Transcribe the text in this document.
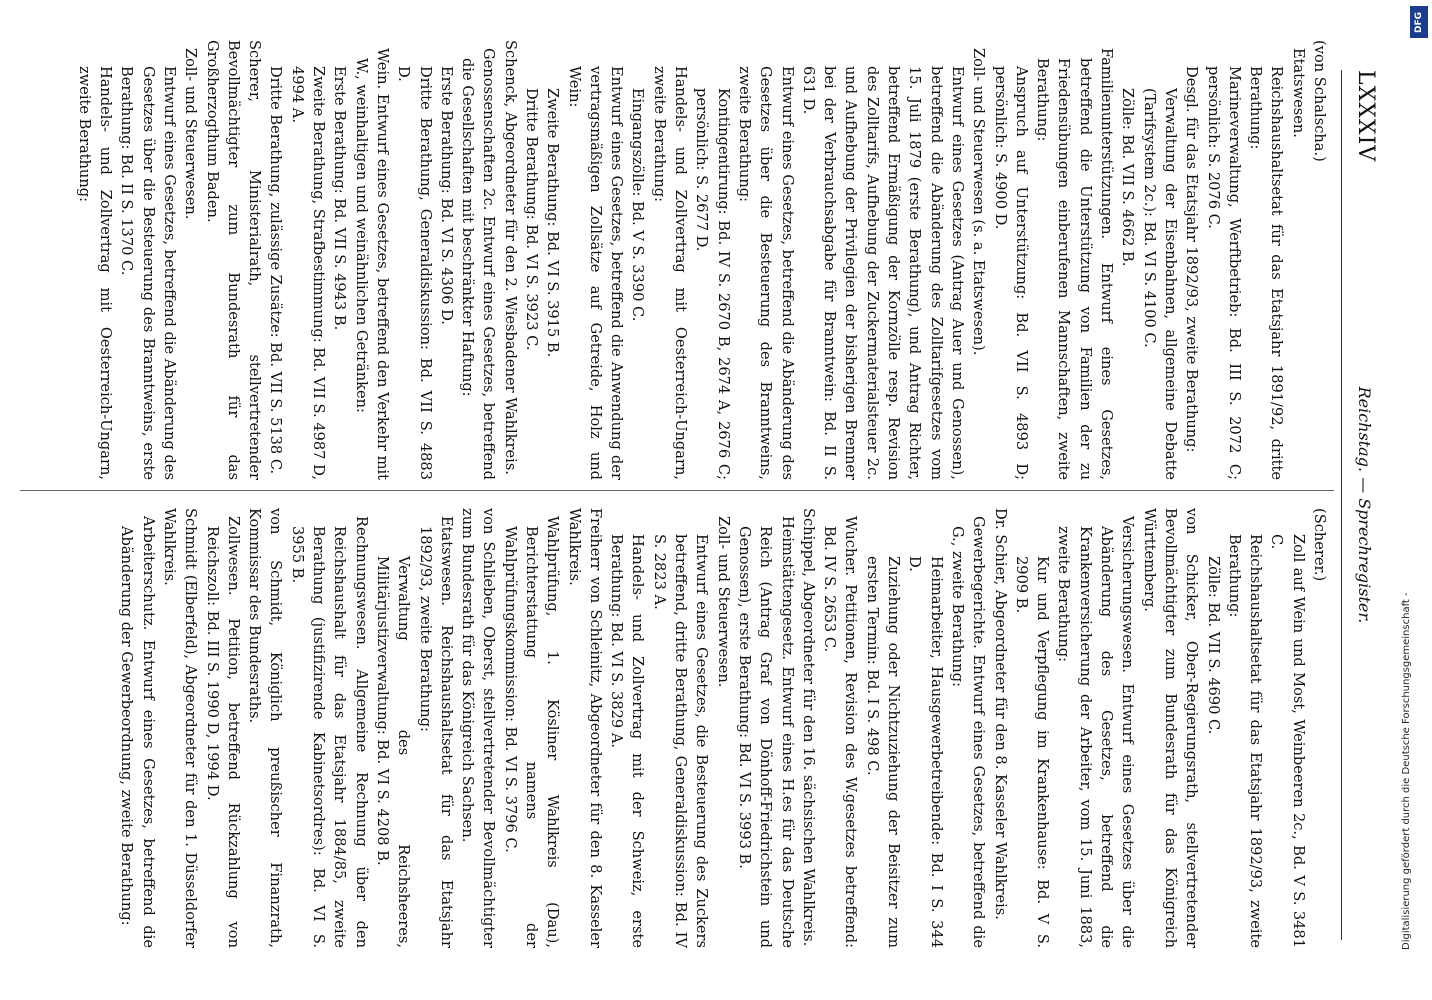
LXXXIV
Reichstag. — Sprechregister.

(von Schalscha.)

Etatswesen.

Reichshaushaltsetat für das Etatsjahr 1891/92, dritte Berathung:

Marineverwaltung, Werftbetrieb: Bd. III S. 2072 C; persönlich: S. 2076 C.

Desgl. für das Etatsjahr 1892/93, zweite Berathung:

Verwaltung der Eisenbahnen, allgemeine Debatte (Tarifsystem 2c.): Bd. VI S. 4100 C.

Zölle: Bd. VII S. 4662 B.

Familienunterstützungen. Entwurf eines Gesetzes, betreffend die Unterstützung von Familien der zu Friedensübungen einberufenen Mannschaften, zweite Berathung:

Anspruch auf Unterstützung: Bd. VII S. 4893 D; persönlich: S. 4900 D.

Zoll- und Steuerwesen (s. a. Etatswesen).

Entwurf eines Gesetzes (Antrag Auer und Genossen), betreffend die Abänderung des Zolltarifgesetzes vom 15. Juli 1879 (erste Berathung), und Antrag Richter, betreffend Ermäßigung der Kornzölle resp. Revision des Zolltarifs, Aufhebung der Zuckermaterialsteuer 2c. und Aufhebung der Privilegien der bisherigen Brenner bei der Verbrauchsabgabe für Branntwein: Bd. II S. 631 D.

Entwurf eines Gesetzes, betreffend die Abänderung des Gesetzes über die Besteuerung des Branntweins, zweite Berathung:

Kontingentirung: Bd. IV S. 2670 B, 2674 A, 2676 C; persönlich: S. 2677 D.

Handels- und Zollvertrag mit Oesterreich-Ungarn, zweite Berathung:

Eingangszölle: Bd. V S. 3390 C.

Entwurf eines Gesetzes, betreffend die Anwendung der vertragsmäßigen Zollsätze auf Getreide, Holz und Wein:

Zweite Berathung: Bd. VI S. 3915 B.

Dritte Berathung: Bd. VI S. 3923 C.

Schenck, Abgeordneter für den 2. Wiesbadener Wahlkreis.

Genossenschaften 2c. Entwurf eines Gesetzes, betreffend die Gesellschaften mit beschränkter Haftung:

Erste Berathung: Bd. VI S. 4306 D.

Dritte Berathung, Generaldiskussion: Bd. VII S. 4883 D.

Wein. Entwurf eines Gesetzes, betreffend den Verkehr mit W., weinhaltigen und weinähnlichen Getränken:

Erste Berathung: Bd. VII S. 4943 B.

Zweite Berathung, Strafbestimmung: Bd. VII S. 4987 D, 4994 A.

Dritte Berathung, zulässige Zusätze: Bd. VII S. 5138 C.

Scherer, Ministerialrath, stellvertretender Bevollmächtigter zum Bundesrath für das Großherzogthum Baden.

Zoll- und Steuerwesen.

Entwurf eines Gesetzes, betreffend die Abänderung des Gesetzes über die Besteuerung des Branntweins, erste Berathung: Bd. II S. 1370 C.

Handels- und Zollvertrag mit Oesterreich-Ungarn, zweite Berathung:

(Scherer.)

Zoll auf Wein und Most, Weinbeeren 2c., Bd. V S. 3481 C.

Reichshaushaltsetat für das Etatsjahr 1892/93, zweite Berathung:

Zölle: Bd. VII S. 4690 C.

von Schicker, Ober-Regierungsrath, stellvertretender Bevollmächtigter zum Bundesrath für das Königreich Württemberg.

Versicherungswesen. Entwurf eines Gesetzes über die Abänderung des Gesetzes, betreffend die Krankenversicherung der Arbeiter, vom 15. Juni 1883, zweite Berathung:

Kur und Verpflegung im Krankenhause: Bd. V S. 2909 B.

Dr. Schier, Abgeordneter für den 8. Kasseler Wahlkreis.

Gewerbegerichte. Entwurf eines Gesetzes, betreffend die G., zweite Berathung:

Heimarbeiter, Hausgewerbetreibende: Bd. I S. 344 D.

Zuziehung oder Nichtzuziehung der Beisitzer zum ersten Termin: Bd. I S. 498 C.

Wucher. Petitionen, Revision des W.gesetzes betreffend: Bd. IV S. 2653 C.

Schippel, Abgeordneter für den 16. sächsischen Wahlkreis.

Heimstättengesetz. Entwurf eines H.es für das Deutsche Reich (Antrag Graf von Dönhoff-Friedrichstein und Genossen), erste Berathung: Bd. VI S. 3993 B.

Zoll- und Steuerwesen.

Entwurf eines Gesetzes, die Besteuerung des Zuckers betreffend, dritte Berathung, Generaldiskussion: Bd. IV S. 2823 A.

Handels- und Zollvertrag mit der Schweiz, erste Berathung: Bd. VI S. 3829 A.

Freiherr von Schleinitz, Abgeordneter für den 8. Kasseler Wahlkreis.

Wahlprüfung, 1. Kösliner Wahlkreis (Dau), Berichterstattung namens der Wahlprüfungskommission: Bd. VI S. 3796 C.

von Schlieben, Oberst, stellvertretender Bevollmächtigter zum Bundesrath für das Königreich Sachsen.

Etatswesen. Reichshaushaltsetat für das Etatsjahr 1892/93, zweite Berathung:

Verwaltung des Reichsheeres, Militärjustizverwaltung: Bd. VI S. 4208 B.

Rechnungswesen. Allgemeine Rechnung über den Reichshaushalt für das Etatsjahr 1884/85, zweite Berathung (justifizirende Kabinetsordres): Bd. VI S. 3955 B.

von Schmidt, Königlich preußischer Finanzrath, Kommissar des Bundesraths.

Zollwesen. Petition, betreffend Rückzahlung von Reichszoll: Bd. III S. 1990 D, 1994 D.

Schmidt (Elberfeld), Abgeordneter für den 1. Düsseldorfer Wahlkreis.

Arbeiterschutz. Entwurf eines Gesetzes, betreffend die Abänderung der Gewerbeordnung, zweite Berathung:	Digitalisierung gefördert durch die Deutsche Forschungsgemeinschaft -
DFG
